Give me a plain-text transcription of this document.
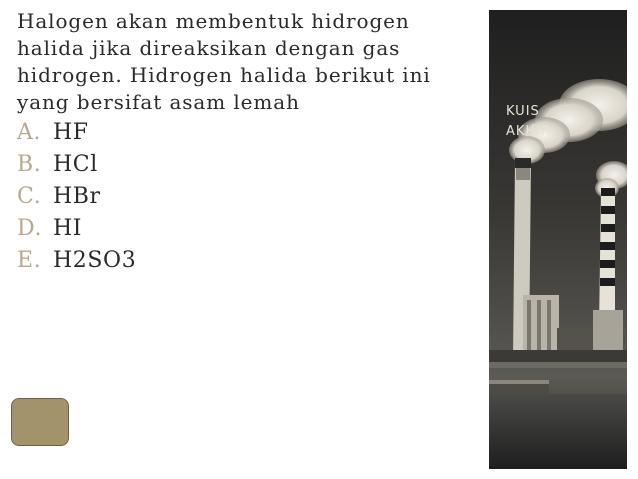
Halogen akan membentuk hidrogen halida jika direaksikan dengan gas hidrogen. Hidrogen halida berikut ini yang bersifat asam lemah

A. HF
B. HCl
C. HBr
D. HI
E. H2SO3

KUIS
AKHIR
